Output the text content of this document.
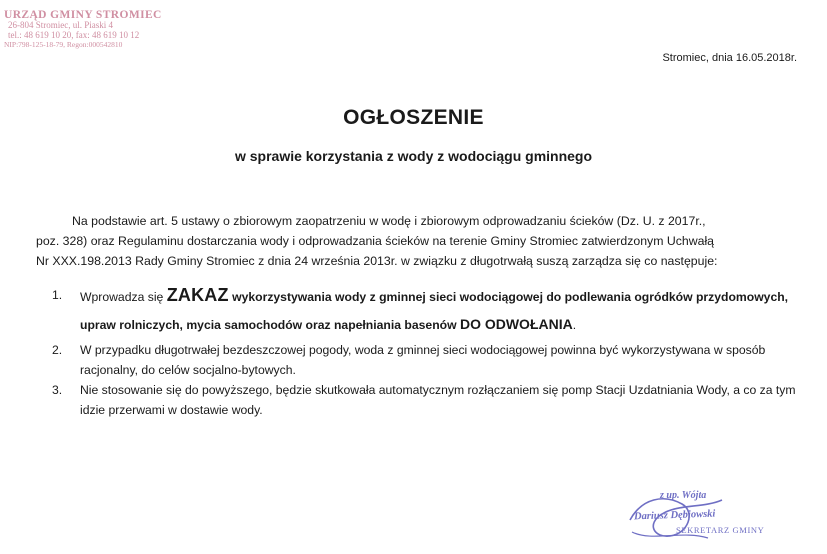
URZĄD GMINY STROMIEC
26-804 Stromiec, ul. Piaski 4
tel.: 48 619 10 20, fax: 48 619 10 12
NIP:798-125-18-79, Regon:000542810
Stromiec, dnia 16.05.2018r.
OGŁOSZENIE
w sprawie korzystania z wody z wodociągu gminnego
Na podstawie art. 5 ustawy o zbiorowym zaopatrzeniu w wodę i zbiorowym odprowadzaniu ścieków (Dz. U. z 2017r.,
poz. 328) oraz Regulaminu dostarczania wody i odprowadzania ścieków na terenie Gminy Stromiec zatwierdzonym Uchwałą
Nr XXX.198.2013 Rady Gminy Stromiec z dnia 24 września 2013r. w związku z długotrwałą suszą zarządza się co następuje:
1. Wprowadza się ZAKAZ wykorzystywania wody z gminnej sieci wodociągowej do podlewania ogródków przydomowych, upraw rolniczych, mycia samochodów oraz napełniania basenów DO ODWOŁANIA.
2. W przypadku długotrwałej bezdeszczowej pogody, woda z gminnej sieci wodociągowej powinna być wykorzystywana w sposób racjonalny, do celów socjalno-bytowych.
3. Nie stosowanie się do powyższego, będzie skutkowała automatycznym rozłączaniem się pomp Stacji Uzdatniania Wody, a co za tym idzie przerwami w dostawie wody.
z up. Wójta
Dariusz Dębiowski
SEKRETARZ GMINY
